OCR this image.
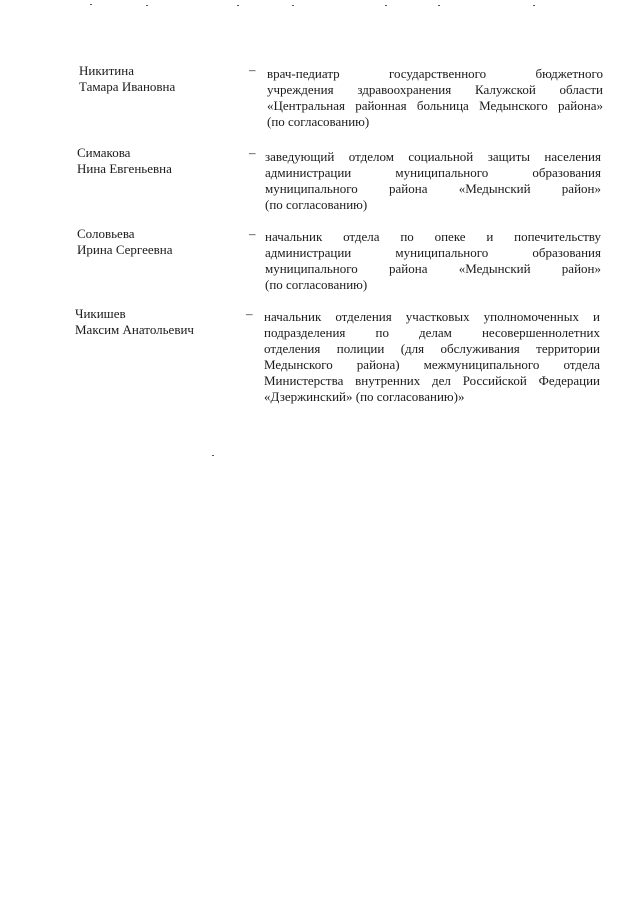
Никитина
Тамара Ивановна
– врач-педиатр государственного бюджетного
учреждения здравоохранения Калужской области
«Центральная районная больница Медынского района»
(по согласованию)
Симакова
Нина Евгеньевна
– заведующий отделом социальной защиты населения
администрации муниципального образования
муниципального района «Медынский район»
(по согласованию)
Соловьева
Ирина Сергеевна
– начальник отдела по опеке и попечительству
администрации муниципального образования
муниципального района «Медынский район»
(по согласованию)
Чикишев
Максим Анатольевич
– начальник отделения участковых уполномоченных и
подразделения по делам несовершеннолетних
отделения полиции (для обслуживания территории
Медынского района) межмуниципального отдела
Министерства внутренних дел Российской Федерации
«Дзержинский» (по согласованию)»
